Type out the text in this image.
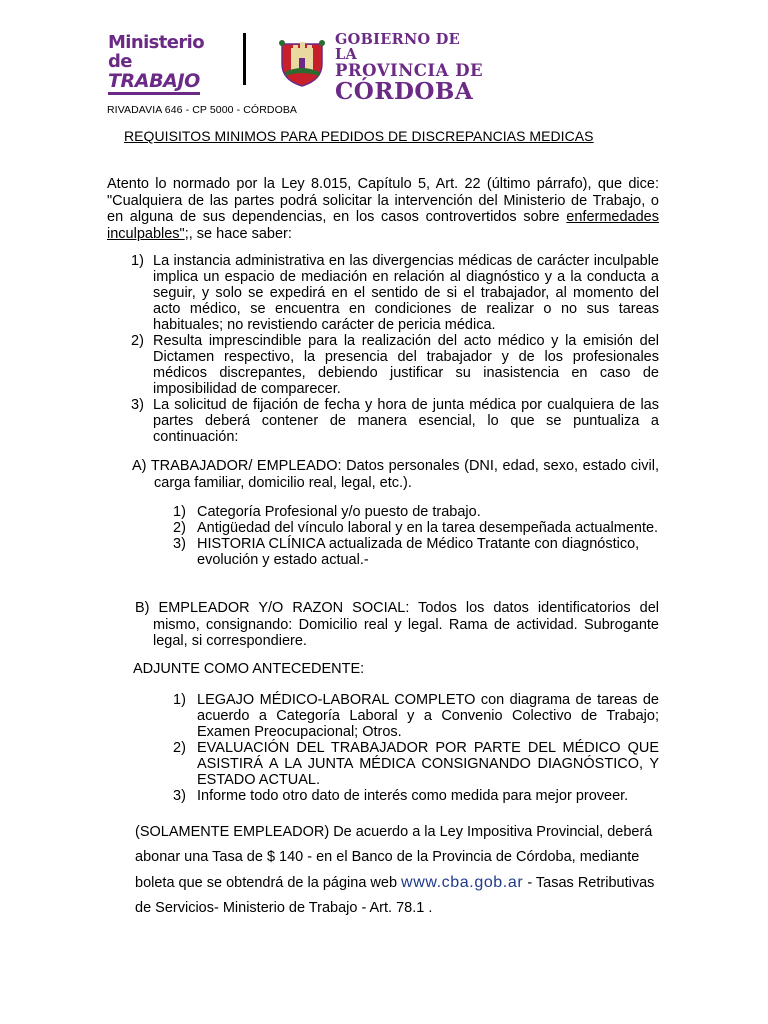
Ministerio de
TRABAJO
GOBIERNO DE LA
PROVINCIA DE
CÓRDOBA
RIVADAVIA 646 - CP 5000 - CÓRDOBA
REQUISITOS MINIMOS PARA PEDIDOS DE DISCREPANCIAS MEDICAS
Atento lo normado por la Ley 8.015, Capítulo 5, Art. 22 (último párrafo), que dice: "Cualquiera de las partes podrá solicitar la intervención del Ministerio de Trabajo, o en alguna de sus dependencias, en los casos controvertidos sobre enfermedades inculpables";, se hace saber:
1) La instancia administrativa en las divergencias médicas de carácter inculpable implica un espacio de mediación en relación al diagnóstico y a la conducta a seguir, y solo se expedirá en el sentido de si el trabajador, al momento del acto médico, se encuentra en condiciones de realizar o no sus tareas habituales; no revistiendo carácter de pericia médica.
2) Resulta imprescindible para la realización del acto médico y la emisión del Dictamen respectivo, la presencia del trabajador y de los profesionales médicos discrepantes, debiendo justificar su inasistencia en caso de imposibilidad de comparecer.
3) La solicitud de fijación de fecha y hora de junta médica por cualquiera de las partes deberá contener de manera esencial, lo que se puntualiza a continuación:
A) TRABAJADOR/ EMPLEADO: Datos personales (DNI, edad, sexo, estado civil, carga familiar, domicilio real, legal, etc.).
1) Categoría Profesional y/o puesto de trabajo.
2) Antigüedad del vínculo laboral y en la tarea desempeñada actualmente.
3) HISTORIA CLÍNICA actualizada de Médico Tratante con diagnóstico, evolución y estado actual.-
B) EMPLEADOR Y/O RAZON SOCIAL: Todos los datos identificatorios del mismo, consignando: Domicilio real y legal. Rama de actividad. Subrogante legal, si correspondiere.
ADJUNTE COMO ANTECEDENTE:
1) LEGAJO MÉDICO-LABORAL COMPLETO con diagrama de tareas de acuerdo a Categoría Laboral y a Convenio Colectivo de Trabajo; Examen Preocupacional; Otros.
2) EVALUACIÓN DEL TRABAJADOR POR PARTE DEL MÉDICO QUE ASISTIRÁ A LA JUNTA MÉDICA CONSIGNANDO DIAGNÓSTICO, Y ESTADO ACTUAL.
3) Informe todo otro dato de interés como medida para mejor proveer.
(SOLAMENTE EMPLEADOR) De acuerdo a la Ley Impositiva Provincial, deberá
abonar una Tasa de $ 140 - en el Banco de la Provincia de Córdoba, mediante
boleta que se obtendrá de la página web www.cba.gob.ar - Tasas Retributivas
de Servicios- Ministerio de Trabajo - Art. 78.1 .
